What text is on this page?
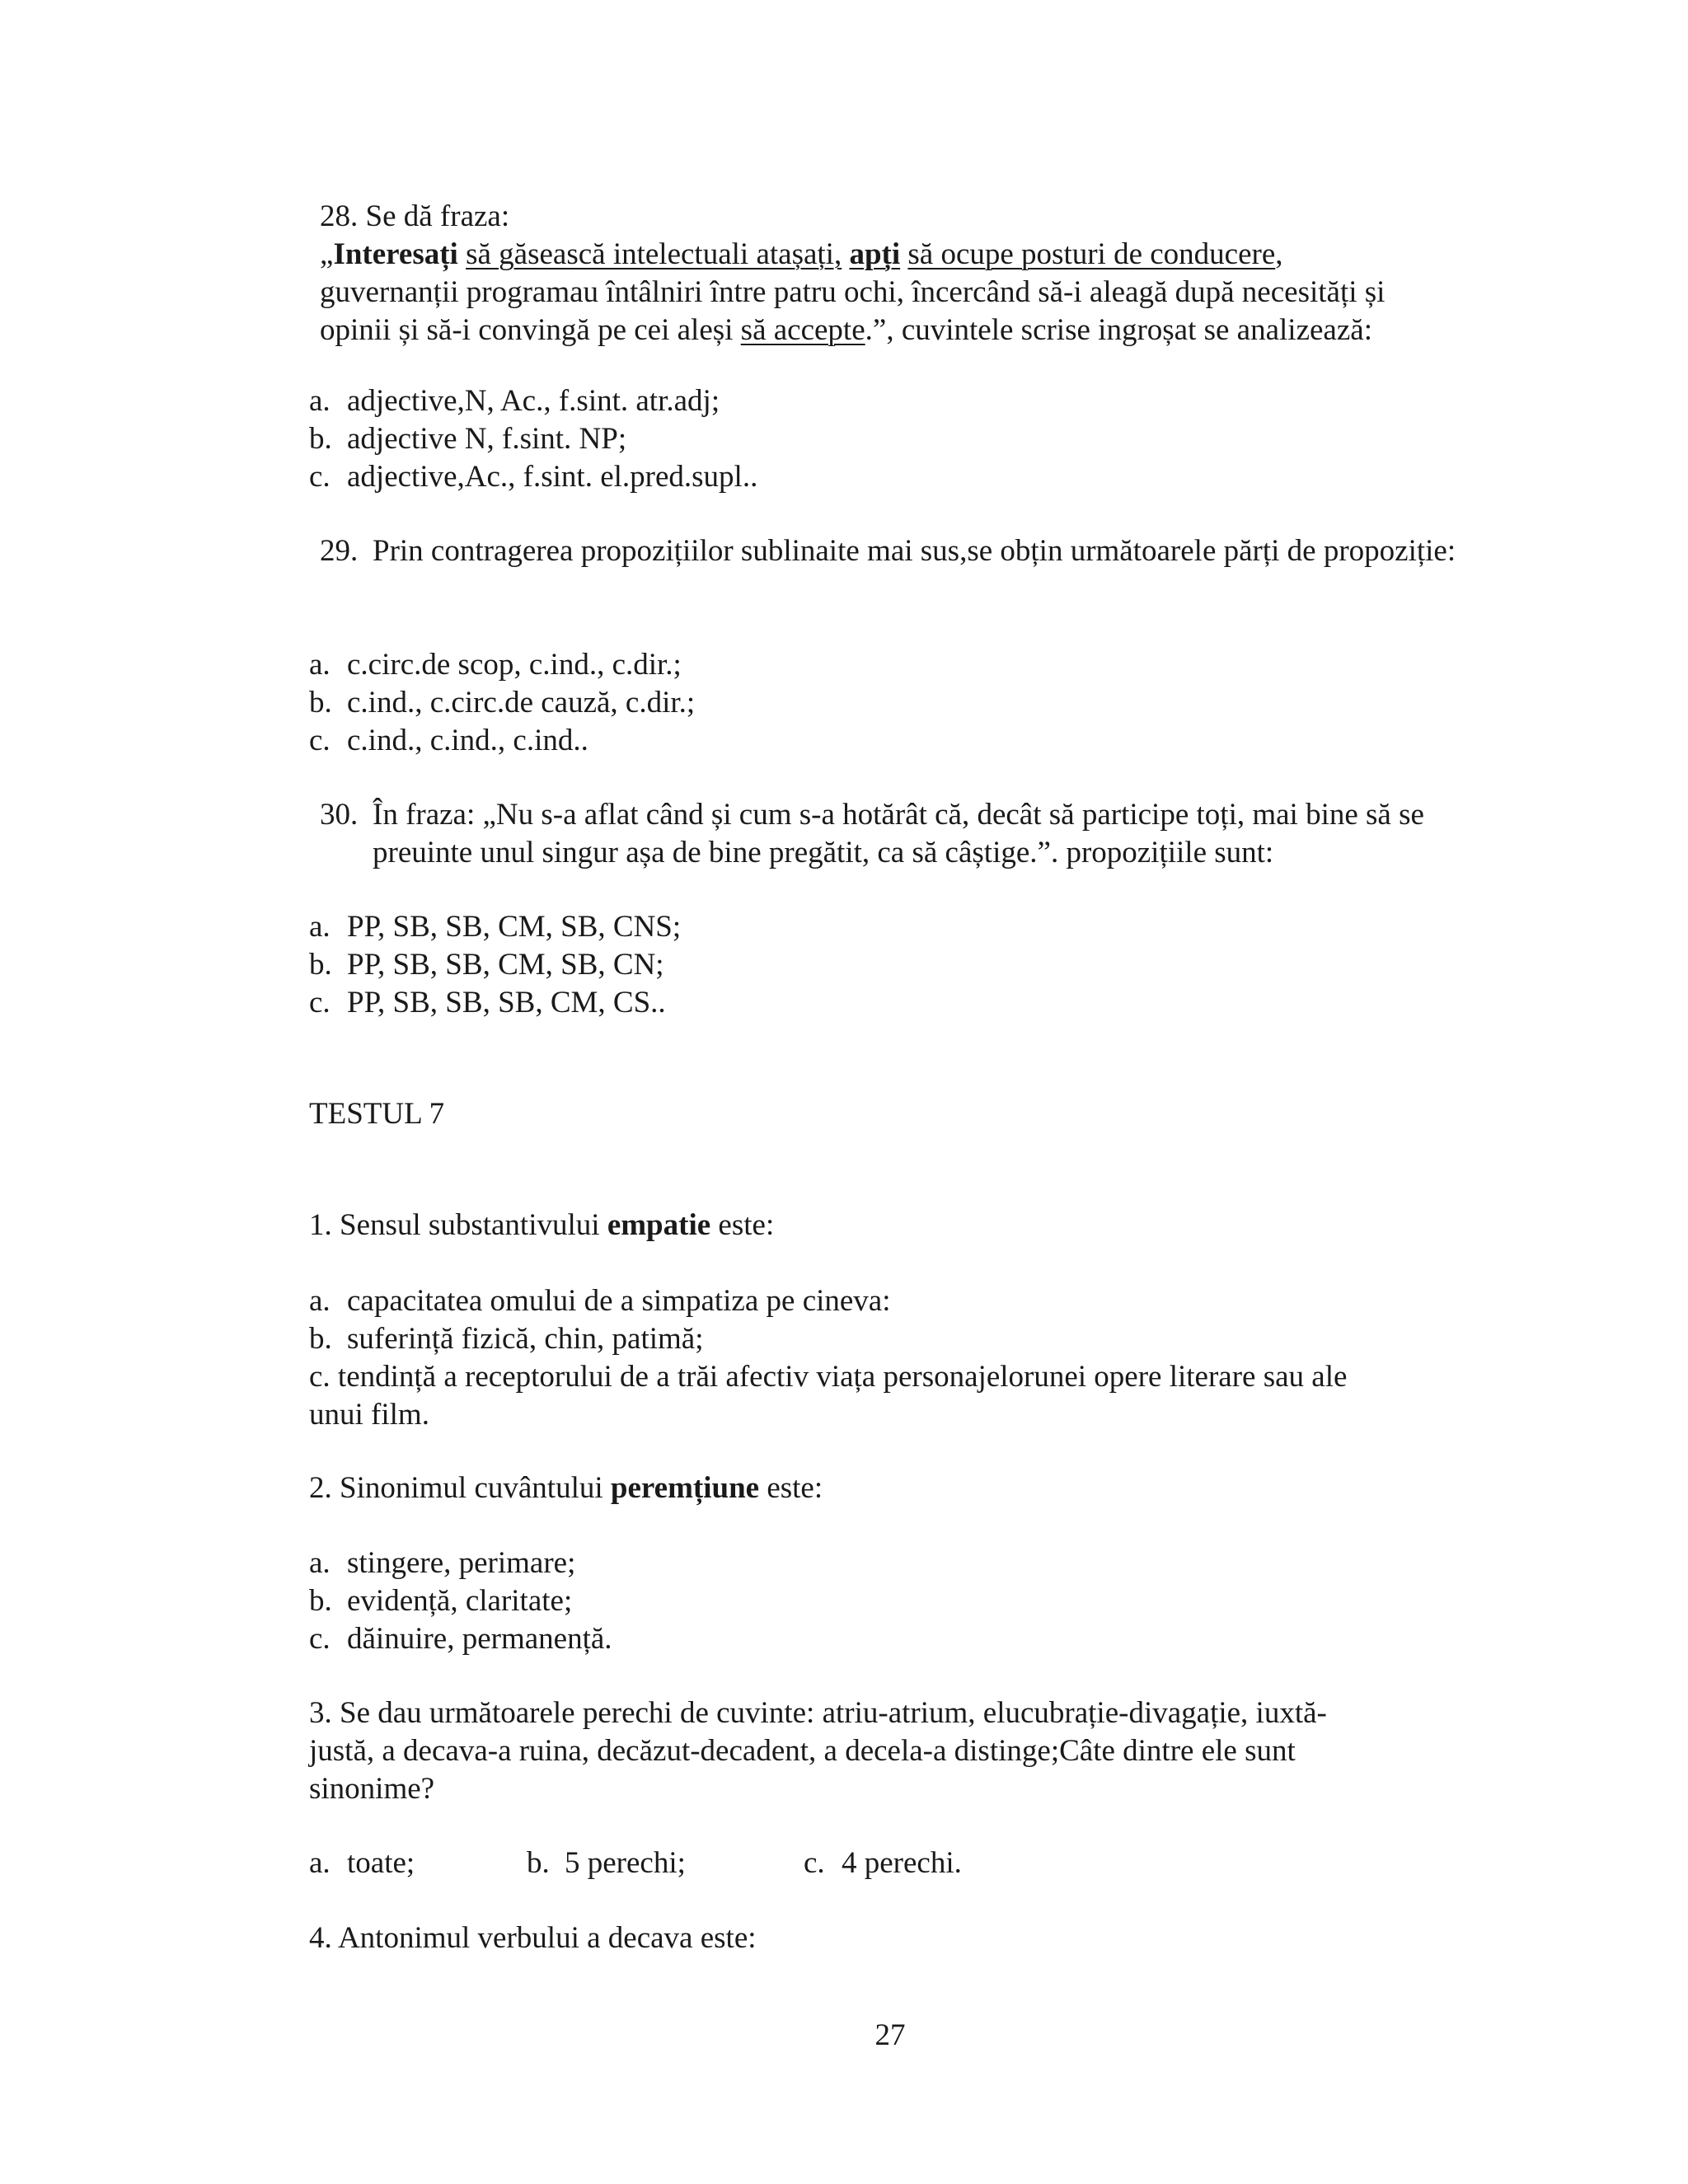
28. Se dă fraza:
„Interesați să găsească intelectuali atașați, apți să ocupe posturi de conducere,
guvernanții programau întâlniri între patru ochi, încercând să-i aleagă după necesități și
opinii și să-i convingă pe cei aleși să accepte.”, cuvintele scrise ingroșat se analizează:
a. adjective,N, Ac., f.sint. atr.adj;
b. adjective N, f.sint. NP;
c. adjective,Ac., f.sint. el.pred.supl..
29. Prin contragerea propozițiilor sublinaite mai sus,se obțin următoarele părți de propoziție:
a. c.circ.de scop, c.ind., c.dir.;
b. c.ind., c.circ.de cauză, c.dir.;
c. c.ind., c.ind., c.ind..
30. În fraza: „Nu s-a aflat când și cum s-a hotărât că, decât să participe toți, mai bine să se preuinte unul singur așa de bine pregătit, ca să câștige.”. propozițiile sunt:
a. PP, SB, SB, CM, SB, CNS;
b. PP, SB, SB, CM, SB, CN;
c. PP, SB, SB, SB, CM, CS..
TESTUL 7
1. Sensul substantivului empatie este:
a. capacitatea omului de a simpatiza pe cineva:
b. suferință fizică, chin, patimă;
c. tendință a receptorului de a trăi afectiv viața personajelorunei opere literare sau ale
unui film.
2. Sinonimul cuvântului peremțiune este:
a. stingere, perimare;
b. evidență, claritate;
c. dăinuire, permanență.
3. Se dau următoarele perechi de cuvinte: atriu-atrium, elucubrație-divagație, iuxtă-
justă, a decava-a ruina, decăzut-decadent, a decela-a distinge;Câte dintre ele sunt
sinonime?
a. toate;	b. 5 perechi;	c. 4 perechi.
4. Antonimul verbului a decava este:
27
